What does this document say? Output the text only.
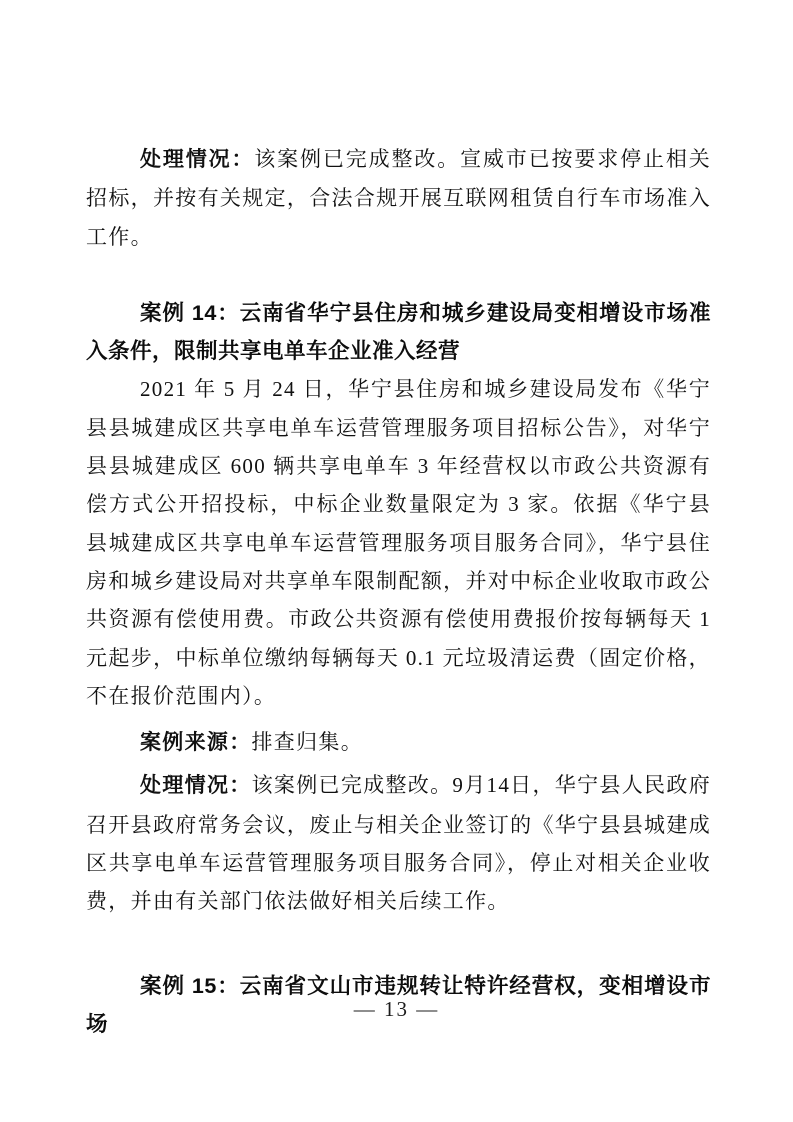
处理情况：该案例已完成整改。宣威市已按要求停止相关招标，并按有关规定，合法合规开展互联网租赁自行车市场准入工作。

案例 14：云南省华宁县住房和城乡建设局变相增设市场准入条件，限制共享电单车企业准入经营

2021 年 5 月 24 日，华宁县住房和城乡建设局发布《华宁县县城建成区共享电单车运营管理服务项目招标公告》，对华宁县县城建成区 600 辆共享电单车 3 年经营权以市政公共资源有偿方式公开招投标，中标企业数量限定为 3 家。依据《华宁县县城建成区共享电单车运营管理服务项目服务合同》，华宁县住房和城乡建设局对共享单车限制配额，并对中标企业收取市政公共资源有偿使用费。市政公共资源有偿使用费报价按每辆每天 1 元起步，中标单位缴纳每辆每天 0.1 元垃圾清运费（固定价格，不在报价范围内）。

案例来源：排查归集。

处理情况：该案例已完成整改。9月14日，华宁县人民政府召开县政府常务会议，废止与相关企业签订的《华宁县县城建成区共享电单车运营管理服务项目服务合同》，停止对相关企业收费，并由有关部门依法做好相关后续工作。

案例 15：云南省文山市违规转让特许经营权，变相增设市场
— 13 —
